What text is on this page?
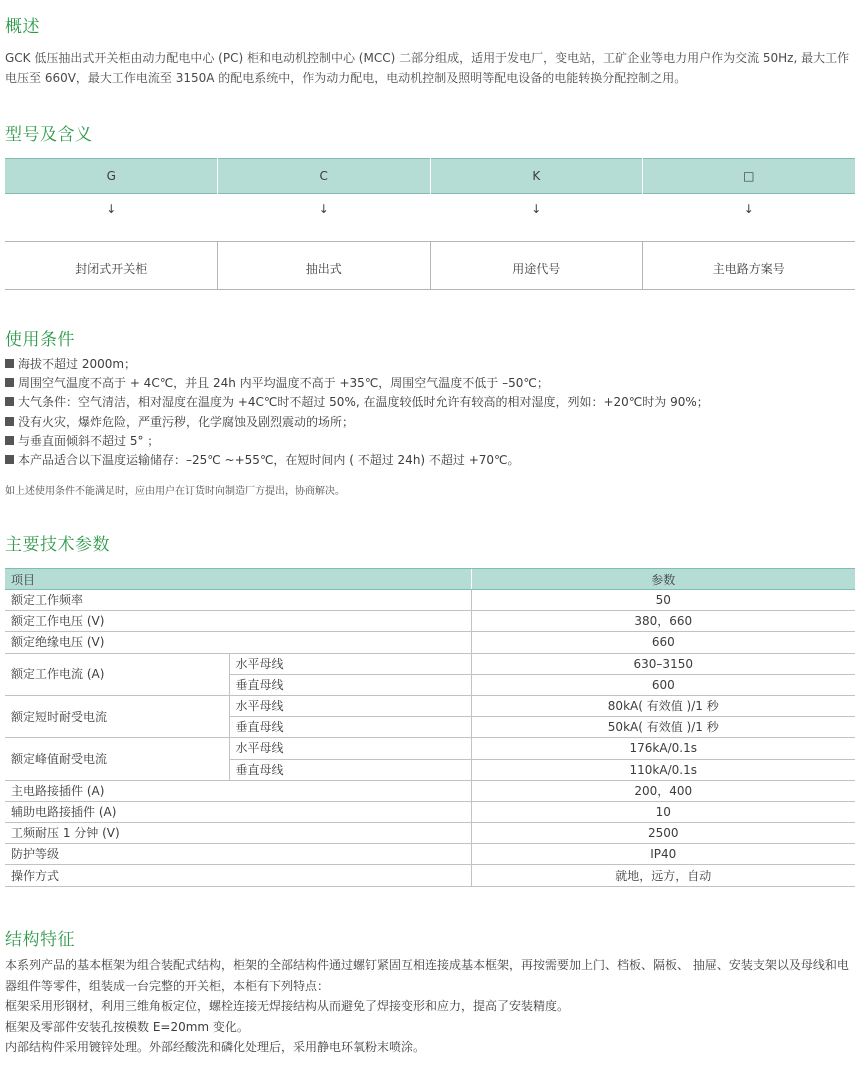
概述

GCK 低压抽出式开关柜由动力配电中心 (PC) 柜和电动机控制中心 (MCC) 二部分组成，适用于发电厂，变电站，工矿企业等电力用户作为交流 50Hz, 最大工作电压至 660V，最大工作电流至 3150A 的配电系统中，作为动力配电，电动机控制及照明等配电设备的电能转换分配控制之用。

型号及含义
G	C	K	□
↓	↓	↓	↓
封闭式开关柜	抽出式	用途代号	主电路方案号
使用条件
海拔不超过 2000m；
周围空气温度不高于 + 4C℃，并且 24h 内平均温度不高于 +35℃，周围空气温度不低于 –50℃；
大气条件：空气清洁，相对湿度在温度为 +4C℃时不超过 50%, 在温度较低时允许有较高的相对湿度，列如：+20℃时为 90%；
没有火灾，爆炸危险，严重污秽，化学腐蚀及剧烈震动的场所；
与垂直面倾斜不超过 5° ；
本产品适合以下温度运输储存：–25℃ ~+55℃，在短时间内 ( 不超过 24h) 不超过 +70℃。
如上述使用条件不能满足时，应由用户在订货时向制造厂方提出，协商解决。
主要技术参数
项目		参数
额定工作频率		50
额定工作电压 (V)		380，660
额定绝缘电压 (V)		660
额定工作电流 (A)	水平母线	630–3150
	垂直母线	600
额定短时耐受电流	水平母线	80kA( 有效值 )/1 秒
	垂直母线	50kA( 有效值 )/1 秒
额定峰值耐受电流	水平母线	176kA/0.1s
	垂直母线	110kA/0.1s
主电路接插件 (A)		200，400
辅助电路接插件 (A)		10
工频耐压 1 分钟 (V)		2500
防护等级		IP40
操作方式		就地，远方，自动
结构特征

本系列产品的基本框架为组合装配式结构，柜架的全部结构件通过螺钉紧固互相连接成基本框架，再按需要加上门、档板、隔板、 抽屉、安装支架以及母线和电器组件等零件，组装成一台完整的开关柜，本柜有下列特点：

框架采用形钢材，利用三维角板定位，螺栓连接无焊接结构从而避免了焊接变形和应力，提高了安装精度。

框架及零部件安装孔按模数 E=20mm 变化。

内部结构件采用镀锌处理。外部经酸洗和磷化处理后，采用静电环氧粉末喷涂。
